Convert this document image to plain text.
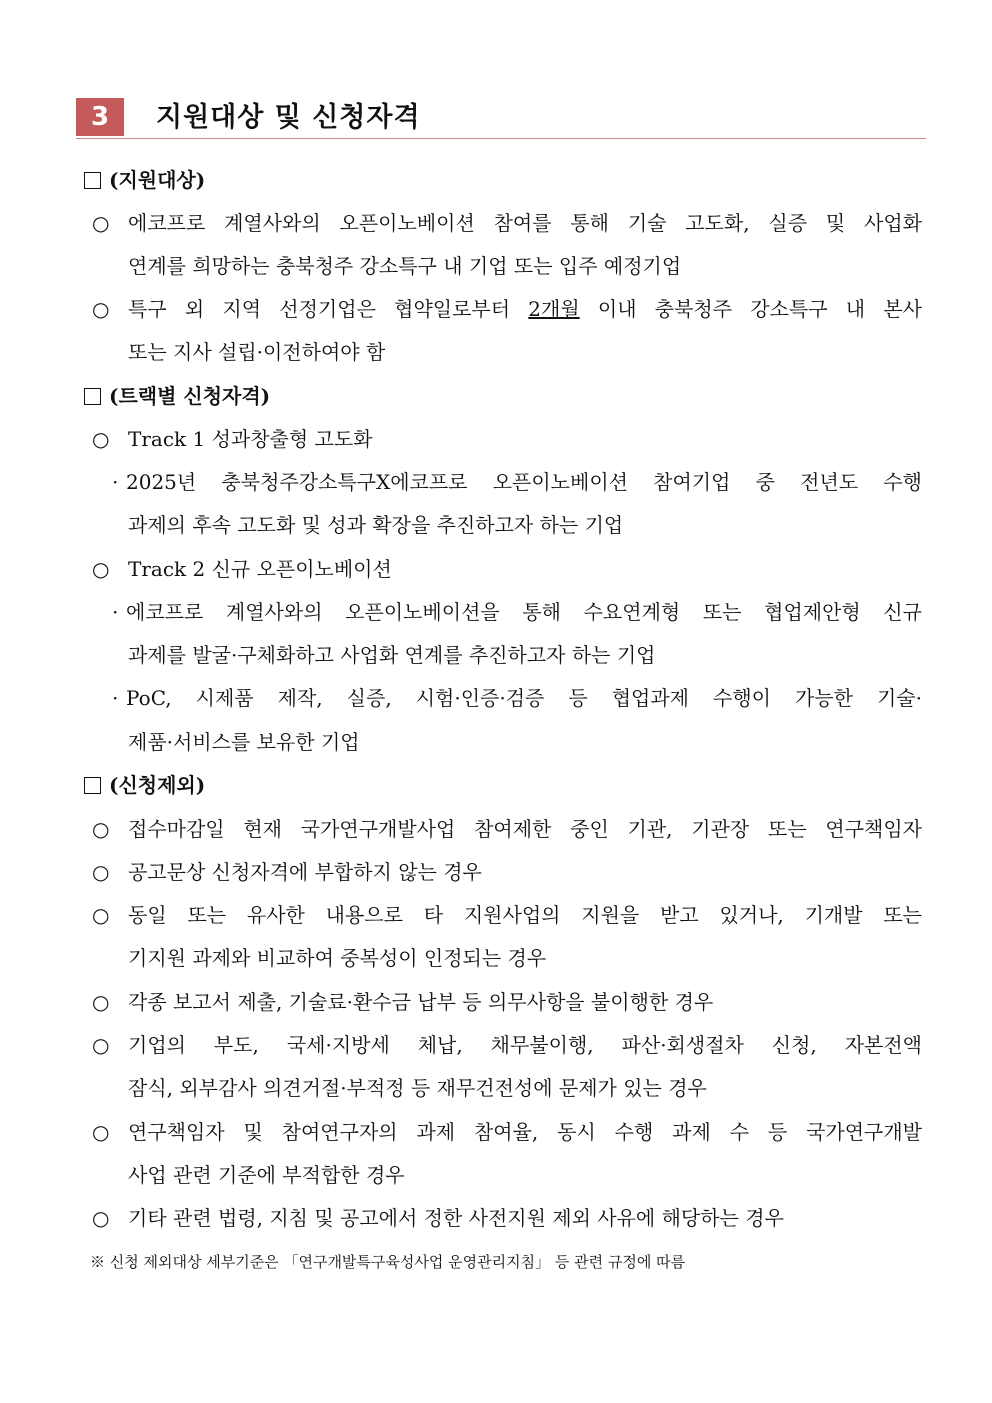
3	지원대상 및 신청자격
(지원대상)
○ 에코프로 계열사와의 오픈이노베이션 참여를 통해 기술 고도화, 실증 및 사업화
연계를 희망하는 충북청주 강소특구 내 기업 또는 입주 예정기업
○ 특구 외 지역 선정기업은 협약일로부터 2개월 이내 충북청주 강소특구 내 본사
또는 지사 설립·이전하여야 함
(트랙별 신청자격)
○ Track 1 성과창출형 고도화
· 2025년 충북청주강소특구X에코프로 오픈이노베이션 참여기업 중 전년도 수행
과제의 후속 고도화 및 성과 확장을 추진하고자 하는 기업
○ Track 2 신규 오픈이노베이션
· 에코프로 계열사와의 오픈이노베이션을 통해 수요연계형 또는 협업제안형 신규
과제를 발굴·구체화하고 사업화 연계를 추진하고자 하는 기업
· PoC, 시제품 제작, 실증, 시험·인증·검증 등 협업과제 수행이 가능한 기술·
제품·서비스를 보유한 기업
(신청제외)
○ 접수마감일 현재 국가연구개발사업 참여제한 중인 기관, 기관장 또는 연구책임자
○ 공고문상 신청자격에 부합하지 않는 경우
○ 동일 또는 유사한 내용으로 타 지원사업의 지원을 받고 있거나, 기개발 또는
기지원 과제와 비교하여 중복성이 인정되는 경우
○ 각종 보고서 제출, 기술료·환수금 납부 등 의무사항을 불이행한 경우
○ 기업의 부도, 국세·지방세 체납, 채무불이행, 파산·회생절차 신청, 자본전액
잠식, 외부감사 의견거절·부적정 등 재무건전성에 문제가 있는 경우
○ 연구책임자 및 참여연구자의 과제 참여율, 동시 수행 과제 수 등 국가연구개발
사업 관련 기준에 부적합한 경우
○ 기타 관련 법령, 지침 및 공고에서 정한 사전지원 제외 사유에 해당하는 경우
※ 신청 제외대상 세부기준은 「연구개발특구육성사업 운영관리지침」 등 관련 규정에 따름
